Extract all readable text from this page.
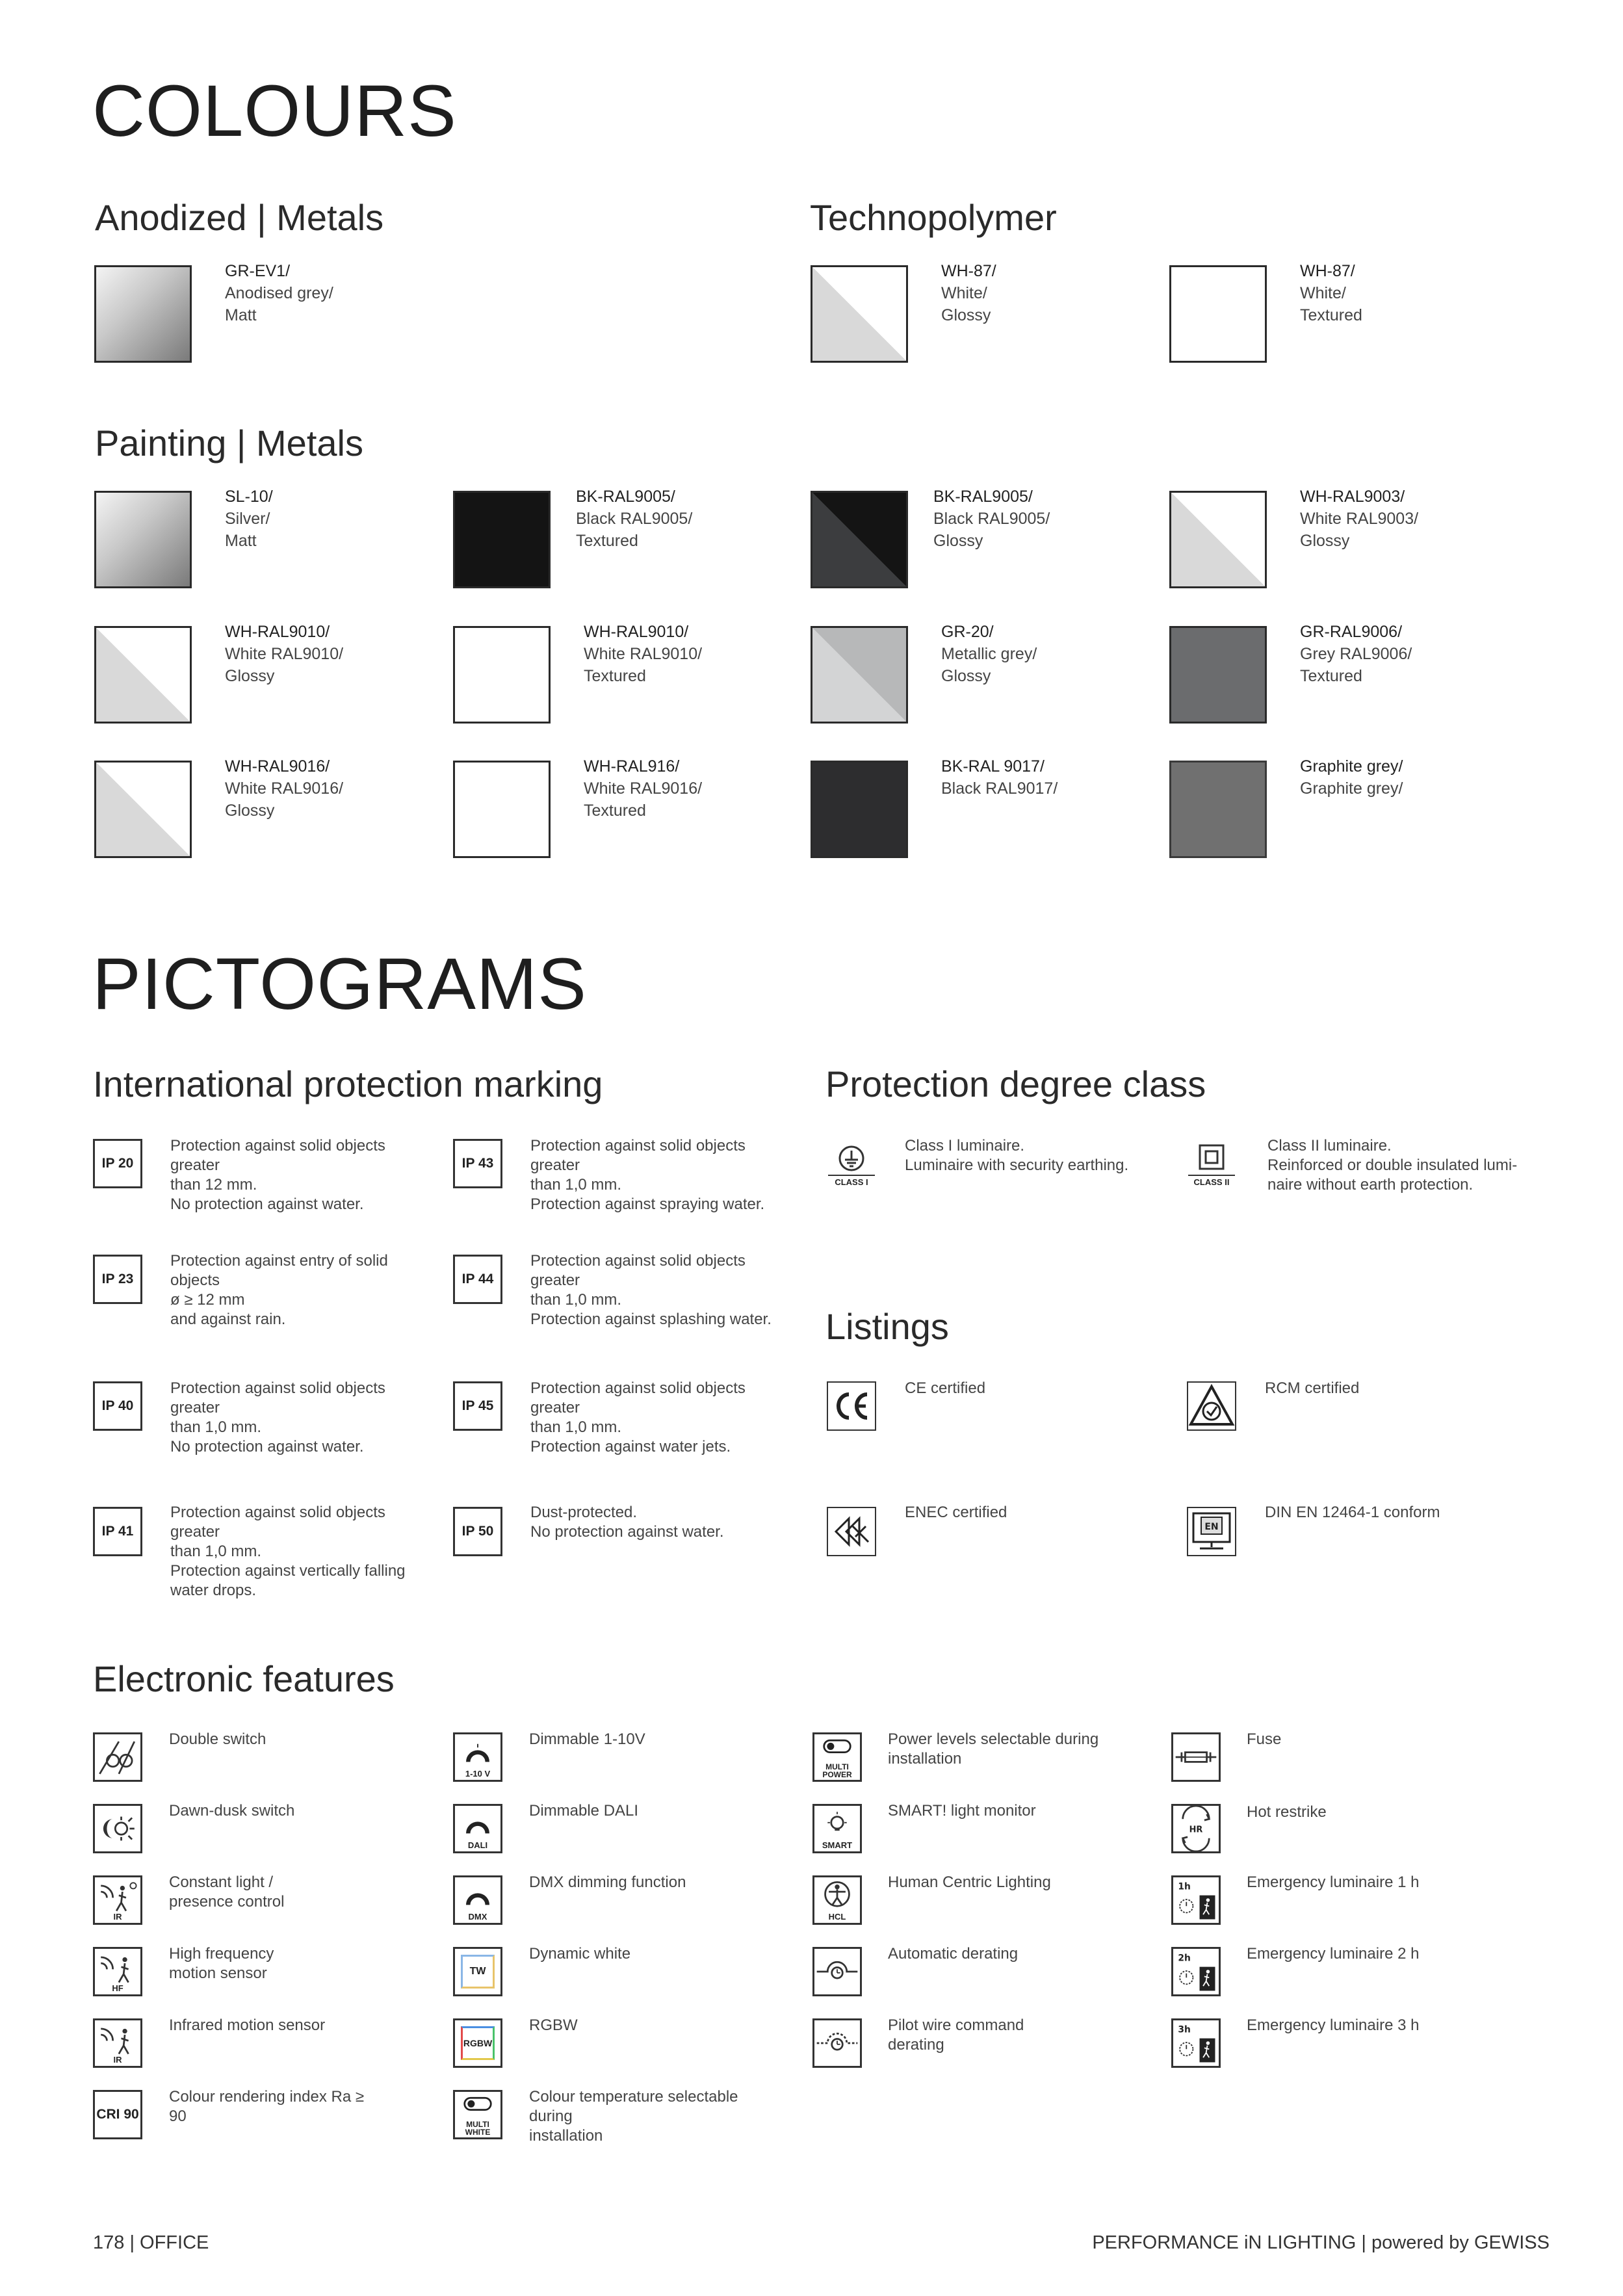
COLOURS
Anodized | Metals	Technopolymer
Painting | Metals
GR-EV1/
Anodised grey/
Matt
WH-87/
White/
Glossy
WH-87/
White/
Textured
SL-10/
Silver/
Matt
BK-RAL9005/
Black RAL9005/
Textured
BK-RAL9005/
Black RAL9005/
Glossy
WH-RAL9003/
White RAL9003/
Glossy
WH-RAL9010/
White RAL9010/
Glossy
WH-RAL9010/
White RAL9010/
Textured
GR-20/
Metallic grey/
Glossy
GR-RAL9006/
Grey RAL9006/
Textured
WH-RAL9016/
White RAL9016/
Glossy
WH-RAL916/
White RAL9016/
Textured
BK-RAL 9017/
Black RAL9017/
Graphite grey/
Graphite grey/
PICTOGRAMS
International protection marking	Protection degree class
IP 20
Protection against solid objects greater
than 12 mm.
No protection against water.
IP 43
Protection against solid objects greater
than 1,0 mm.
Protection against spraying water.
IP 23
Protection against entry of solid objects
ø ≥ 12 mm
and against rain.
IP 44
Protection against solid objects greater
than 1,0 mm.
Protection against splashing water.
IP 40
Protection against solid objects greater
than 1,0 mm.
No protection against water.
IP 45
Protection against solid objects greater
than 1,0 mm.
Protection against water jets.
IP 41
Protection against solid objects greater
than 1,0 mm.
Protection against vertically falling
water drops.
IP 50
Dust-protected.
No protection against water.
CLASS I
Class I luminaire.
Luminaire with security earthing.
CLASS II
Class II luminaire.
Reinforced or double insulated lumi-
naire without earth protection.
Listings
CE certified	RCM certified
ENEC certified
EN
DIN EN 12464-1 conform
Electronic features
Double switch
Dawn-dusk switch
IR
Constant light /
presence control
HF
High frequency
motion sensor
IR
Infrared motion sensor
CRI 90
Colour rendering index Ra ≥ 90
1-10 V
Dimmable 1-10V
DALI
Dimmable DALI
DMX
DMX dimming function
TW
Dynamic white
RGBW
RGBW
MULTI WHITE
Colour temperature selectable during
installation
MULTI POWER
Power levels selectable during
installation
SMART
SMART! light monitor
HCL
Human Centric Lighting
Automatic derating
Pilot wire command
derating
Fuse
HR
Hot restrike
1h	Emergency luminaire 1 h
2h	Emergency luminaire 2 h
3h	Emergency luminaire 3 h
178 | OFFICE	PERFORMANCE iN LIGHTING | powered by GEWISS
